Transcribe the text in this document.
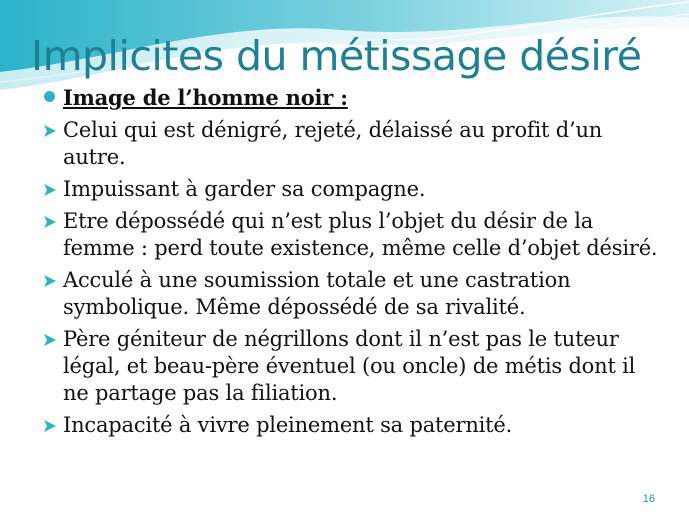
Implicites du métissage désiré
Image de l’homme noir :
Celui qui est dénigré, rejeté, délaissé au profit d’un autre.
Impuissant à garder sa compagne.
Etre dépossédé qui n’est plus l’objet du désir de la femme : perd toute existence, même celle d’objet désiré.
Acculé à une soumission totale et une castration symbolique. Même dépossédé de sa rivalité.
Père géniteur de négrillons dont il n’est pas le tuteur légal, et beau-père éventuel (ou oncle) de métis dont il ne partage pas la filiation.
Incapacité à vivre pleinement sa paternité.
16
